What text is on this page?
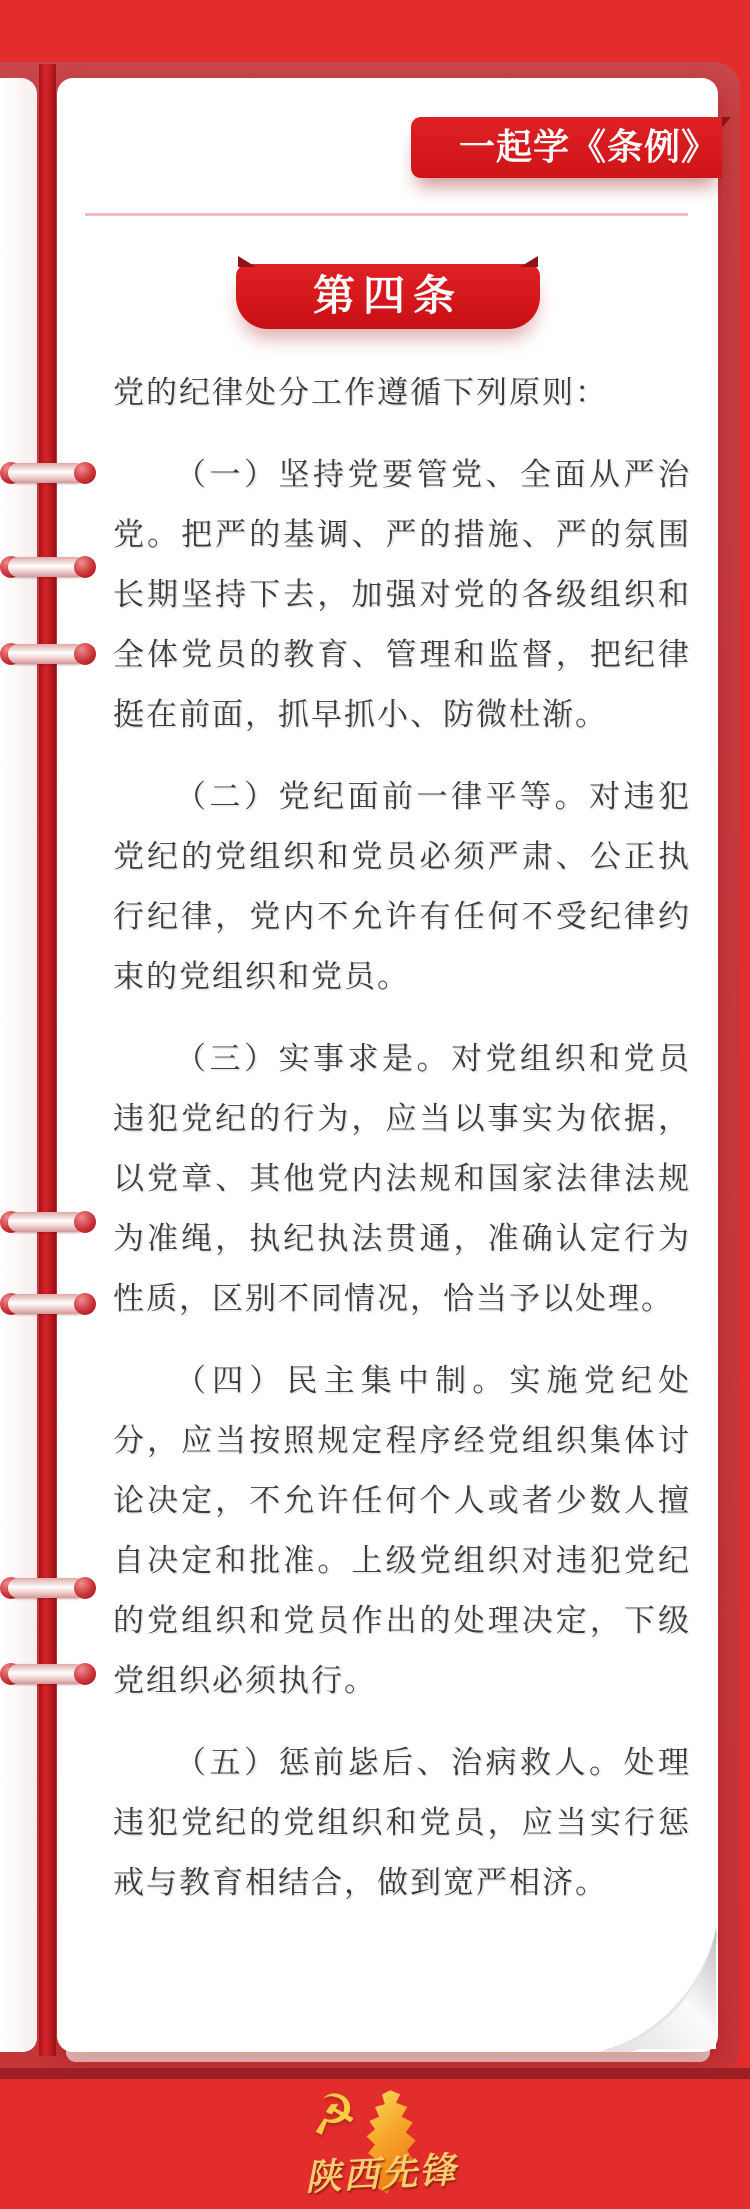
一起学《条例》
第四条

党的纪律处分工作遵循下列原则：

（一）坚持党要管党、全面从严治党。把严的基调、严的措施、严的氛围长期坚持下去，加强对党的各级组织和全体党员的教育、管理和监督，把纪律挺在前面，抓早抓小、防微杜渐。

（二）党纪面前一律平等。对违犯党纪的党组织和党员必须严肃、公正执行纪律，党内不允许有任何不受纪律约束的党组织和党员。

（三）实事求是。对党组织和党员违犯党纪的行为，应当以事实为依据，以党章、其他党内法规和国家法律法规为准绳，执纪执法贯通，准确认定行为性质，区别不同情况，恰当予以处理。

（四）民主集中制。实施党纪处分，应当按照规定程序经党组织集体讨论决定，不允许任何个人或者少数人擅自决定和批准。上级党组织对违犯党纪的党组织和党员作出的处理决定，下级党组织必须执行。

（五）惩前毖后、治病救人。处理违犯党纪的党组织和党员，应当实行惩戒与教育相结合，做到宽严相济。

☭
陕西先锋
